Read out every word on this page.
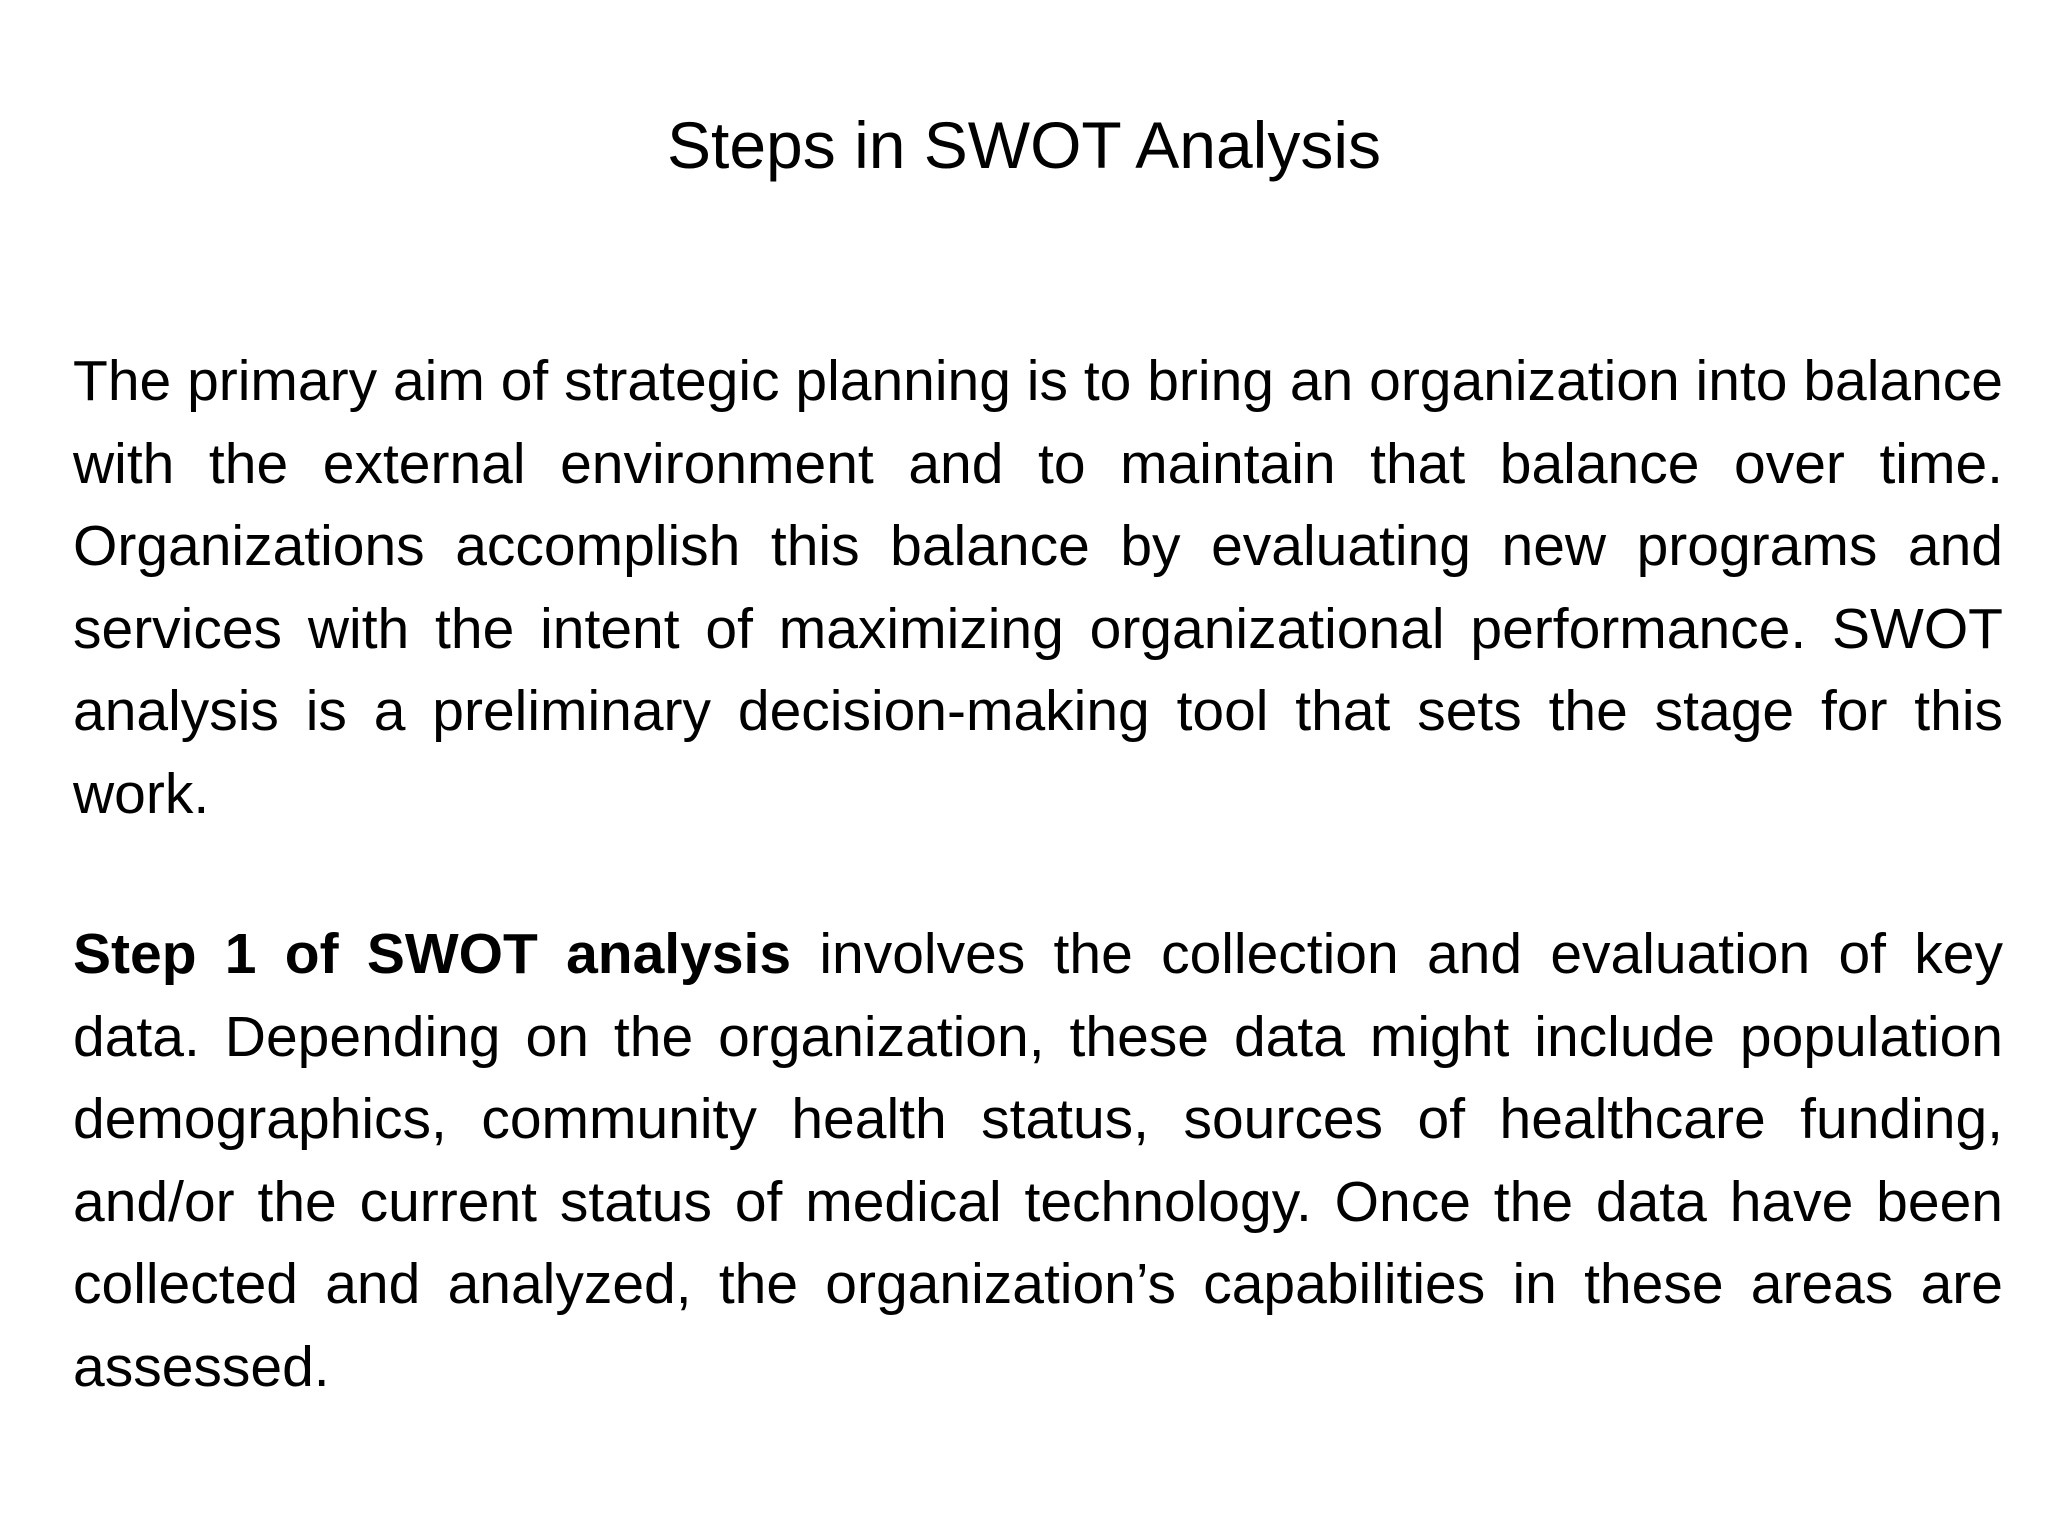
Steps in SWOT Analysis

The primary aim of strategic planning is to bring an organization into balance with the external environment and to maintain that balance over time. Organizations accomplish this balance by evaluating new programs and services with the intent of maximizing organizational performance. SWOT analysis is a preliminary decision-making tool that sets the stage for this work.

Step 1 of SWOT analysis involves the collection and evaluation of key data. Depending on the organization, these data might include population demographics, community health status, sources of healthcare funding, and/or the current status of medical technology. Once the data have been collected and analyzed, the organization’s capabilities in these areas are assessed.
